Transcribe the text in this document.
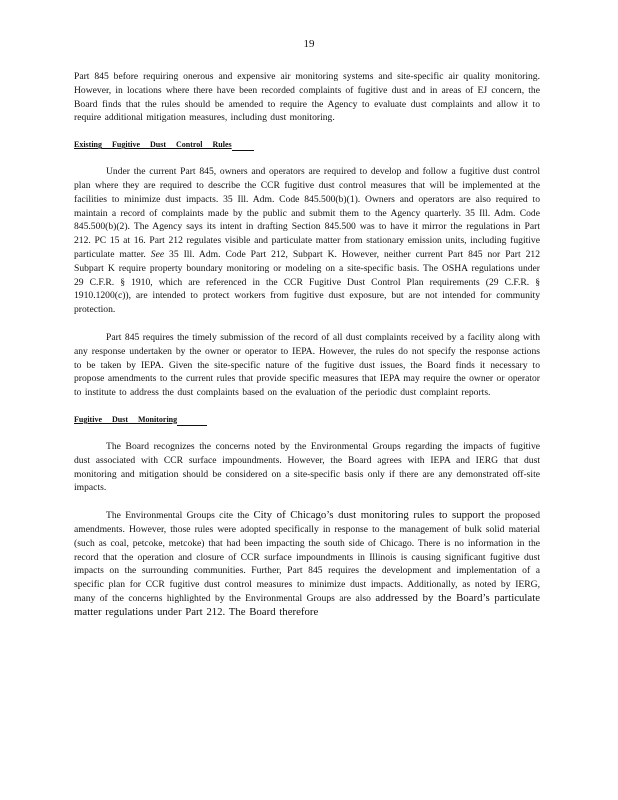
19

Part 845 before requiring onerous and expensive air monitoring systems and site-specific air quality monitoring. However, in locations where there have been recorded complaints of fugitive dust and in areas of EJ concern, the Board finds that the rules should be amended to require the Agency to evaluate dust complaints and allow it to require additional mitigation measures, including dust monitoring.

Existing Fugitive Dust Control Rules

Under the current Part 845, owners and operators are required to develop and follow a fugitive dust control plan where they are required to describe the CCR fugitive dust control measures that will be implemented at the facilities to minimize dust impacts. 35 Ill. Adm. Code 845.500(b)(1). Owners and operators are also required to maintain a record of complaints made by the public and submit them to the Agency quarterly. 35 Ill. Adm. Code 845.500(b)(2). The Agency says its intent in drafting Section 845.500 was to have it mirror the regulations in Part 212. PC 15 at 16. Part 212 regulates visible and particulate matter from stationary emission units, including fugitive particulate matter. See 35 Ill. Adm. Code Part 212, Subpart K. However, neither current Part 845 nor Part 212 Subpart K require property boundary monitoring or modeling on a site-specific basis. The OSHA regulations under 29 C.F.R. § 1910, which are referenced in the CCR Fugitive Dust Control Plan requirements (29 C.F.R. § 1910.1200(c)), are intended to protect workers from fugitive dust exposure, but are not intended for community protection.

Part 845 requires the timely submission of the record of all dust complaints received by a facility along with any response undertaken by the owner or operator to IEPA. However, the rules do not specify the response actions to be taken by IEPA. Given the site-specific nature of the fugitive dust issues, the Board finds it necessary to propose amendments to the current rules that provide specific measures that IEPA may require the owner or operator to institute to address the dust complaints based on the evaluation of the periodic dust complaint reports.

Fugitive Dust Monitoring

The Board recognizes the concerns noted by the Environmental Groups regarding the impacts of fugitive dust associated with CCR surface impoundments. However, the Board agrees with IEPA and IERG that dust monitoring and mitigation should be considered on a site-specific basis only if there are any demonstrated off-site impacts.

The Environmental Groups cite the City of Chicago’s dust monitoring rules to support the proposed amendments. However, those rules were adopted specifically in response to the management of bulk solid material (such as coal, petcoke, metcoke) that had been impacting the south side of Chicago. There is no information in the record that the operation and closure of CCR surface impoundments in Illinois is causing significant fugitive dust impacts on the surrounding communities. Further, Part 845 requires the development and implementation of a specific plan for CCR fugitive dust control measures to minimize dust impacts. Additionally, as noted by IERG, many of the concerns highlighted by the Environmental Groups are also addressed by the Board’s particulate matter regulations under Part 212. The Board therefore
